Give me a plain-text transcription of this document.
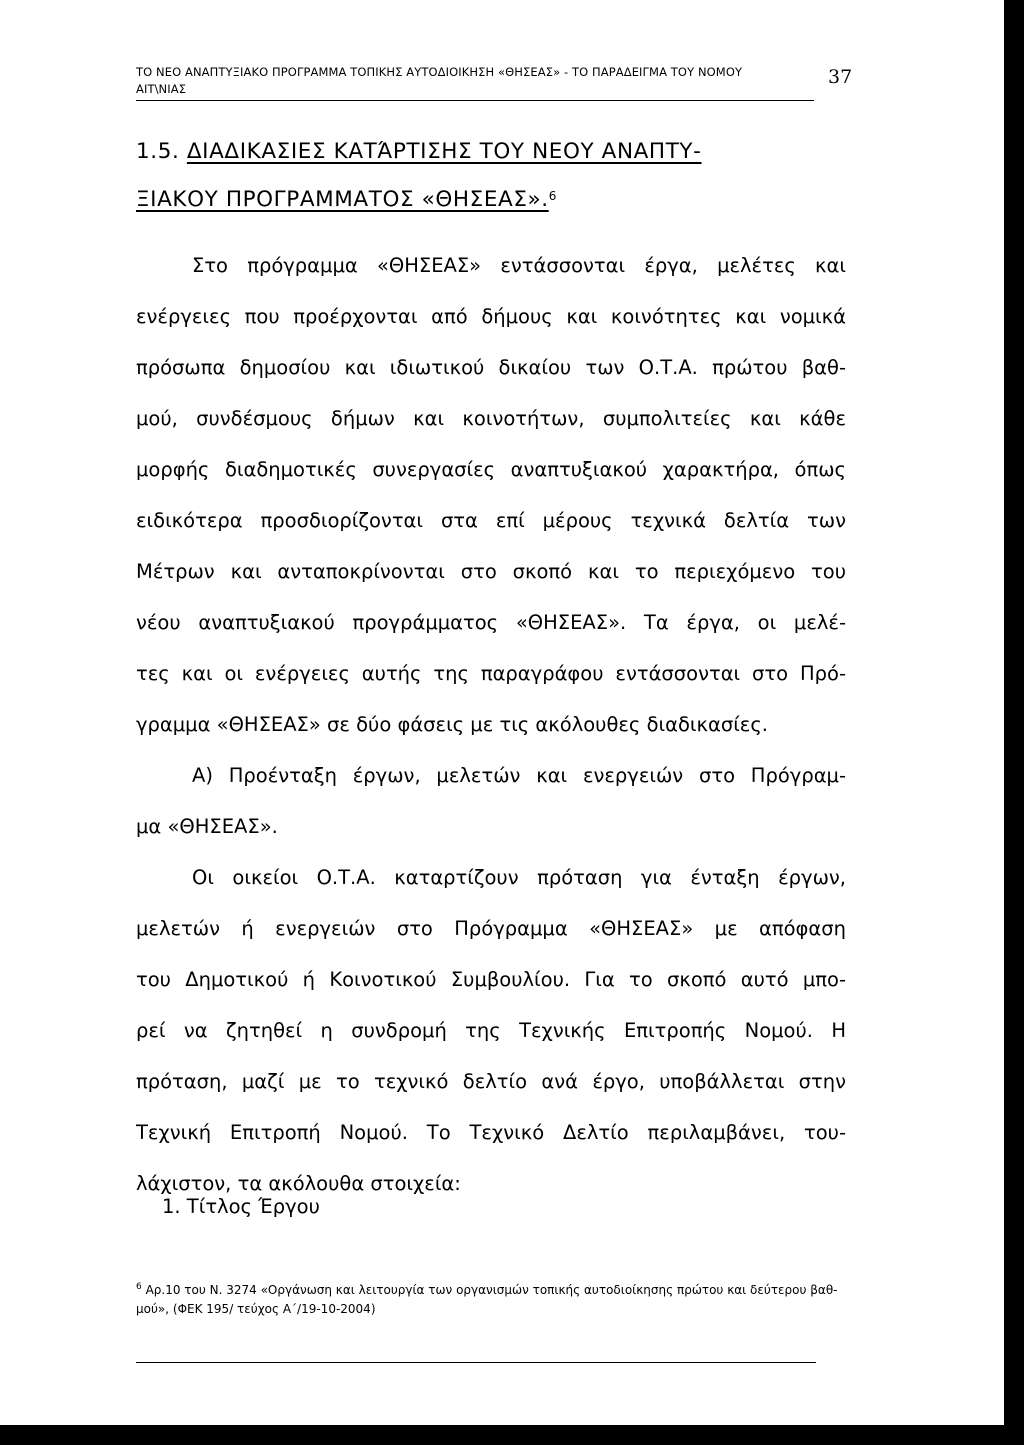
ΤΟ ΝΕΟ ΑΝΑΠΤΥΞΙΑΚΟ ΠΡΟΓΡΑΜΜΑ ΤΟΠΙΚΗΣ ΑΥΤΟΔΙΟΙΚΗΣΗ «ΘΗΣΕΑΣ» - ΤΟ ΠΑΡΑΔΕΙΓΜΑ ΤΟΥ ΝΟΜΟΥ
ΑΙΤ\ΝΙΑΣ
37
1.5. ΔΙΑΔΙΚΑΣΙΕΣ ΚΑΤΆΡΤΙΣΗΣ ΤΟΥ ΝΕΟΥ ΑΝΑΠΤΥ-
ΞΙΑΚΟΥ ΠΡΟΓΡΑΜΜΑΤΟΣ «ΘΗΣΕΑΣ».$^6$
Στο πρόγραμμα «ΘΗΣΕΑΣ» εντάσσονται έργα, μελέτες και
ενέργειες που προέρχονται από δήμους και κοινότητες και νομικά
πρόσωπα δημοσίου και ιδιωτικού δικαίου των Ο.Τ.Α. πρώτου βαθ-
μού, συνδέσμους δήμων και κοινοτήτων, συμπολιτείες και κάθε
μορφής διαδημοτικές συνεργασίες αναπτυξιακού χαρακτήρα, όπως
ειδικότερα προσδιορίζονται στα επί μέρους τεχνικά δελτία των
Μέτρων και ανταποκρίνονται στο σκοπό και το περιεχόμενο του
νέου αναπτυξιακού προγράμματος «ΘΗΣΕΑΣ». Τα έργα, οι μελέ-
τες και οι ενέργειες αυτής της παραγράφου εντάσσονται στο Πρό-
γραμμα «ΘΗΣΕΑΣ» σε δύο φάσεις με τις ακόλουθες διαδικασίες.
Α) Προένταξη έργων, μελετών και ενεργειών στο Πρόγραμ-
μα «ΘΗΣΕΑΣ».
Οι οικείοι Ο.Τ.Α. καταρτίζουν πρόταση για ένταξη έργων,
μελετών ή ενεργειών στο Πρόγραμμα «ΘΗΣΕΑΣ» με απόφαση
του Δημοτικού ή Κοινοτικού Συμβουλίου. Για το σκοπό αυτό μπο-
ρεί να ζητηθεί η συνδρομή της Τεχνικής Επιτροπής Νομού. Η
πρόταση, μαζί με το τεχνικό δελτίο ανά έργο, υποβάλλεται στην
Τεχνική Επιτροπή Νομού. Το Τεχνικό Δελτίο περιλαμβάνει, του-
λάχιστον, τα ακόλουθα στοιχεία:
1. Τίτλος Έργου
$^6$ Αρ.10 του Ν. 3274 «Οργάνωση και λειτουργία των οργανισμών τοπικής αυτοδιοίκησης πρώτου και δεύτερου βαθ-
μού», (ΦΕΚ 195/ τεύχος Α΄/19-10-2004)
